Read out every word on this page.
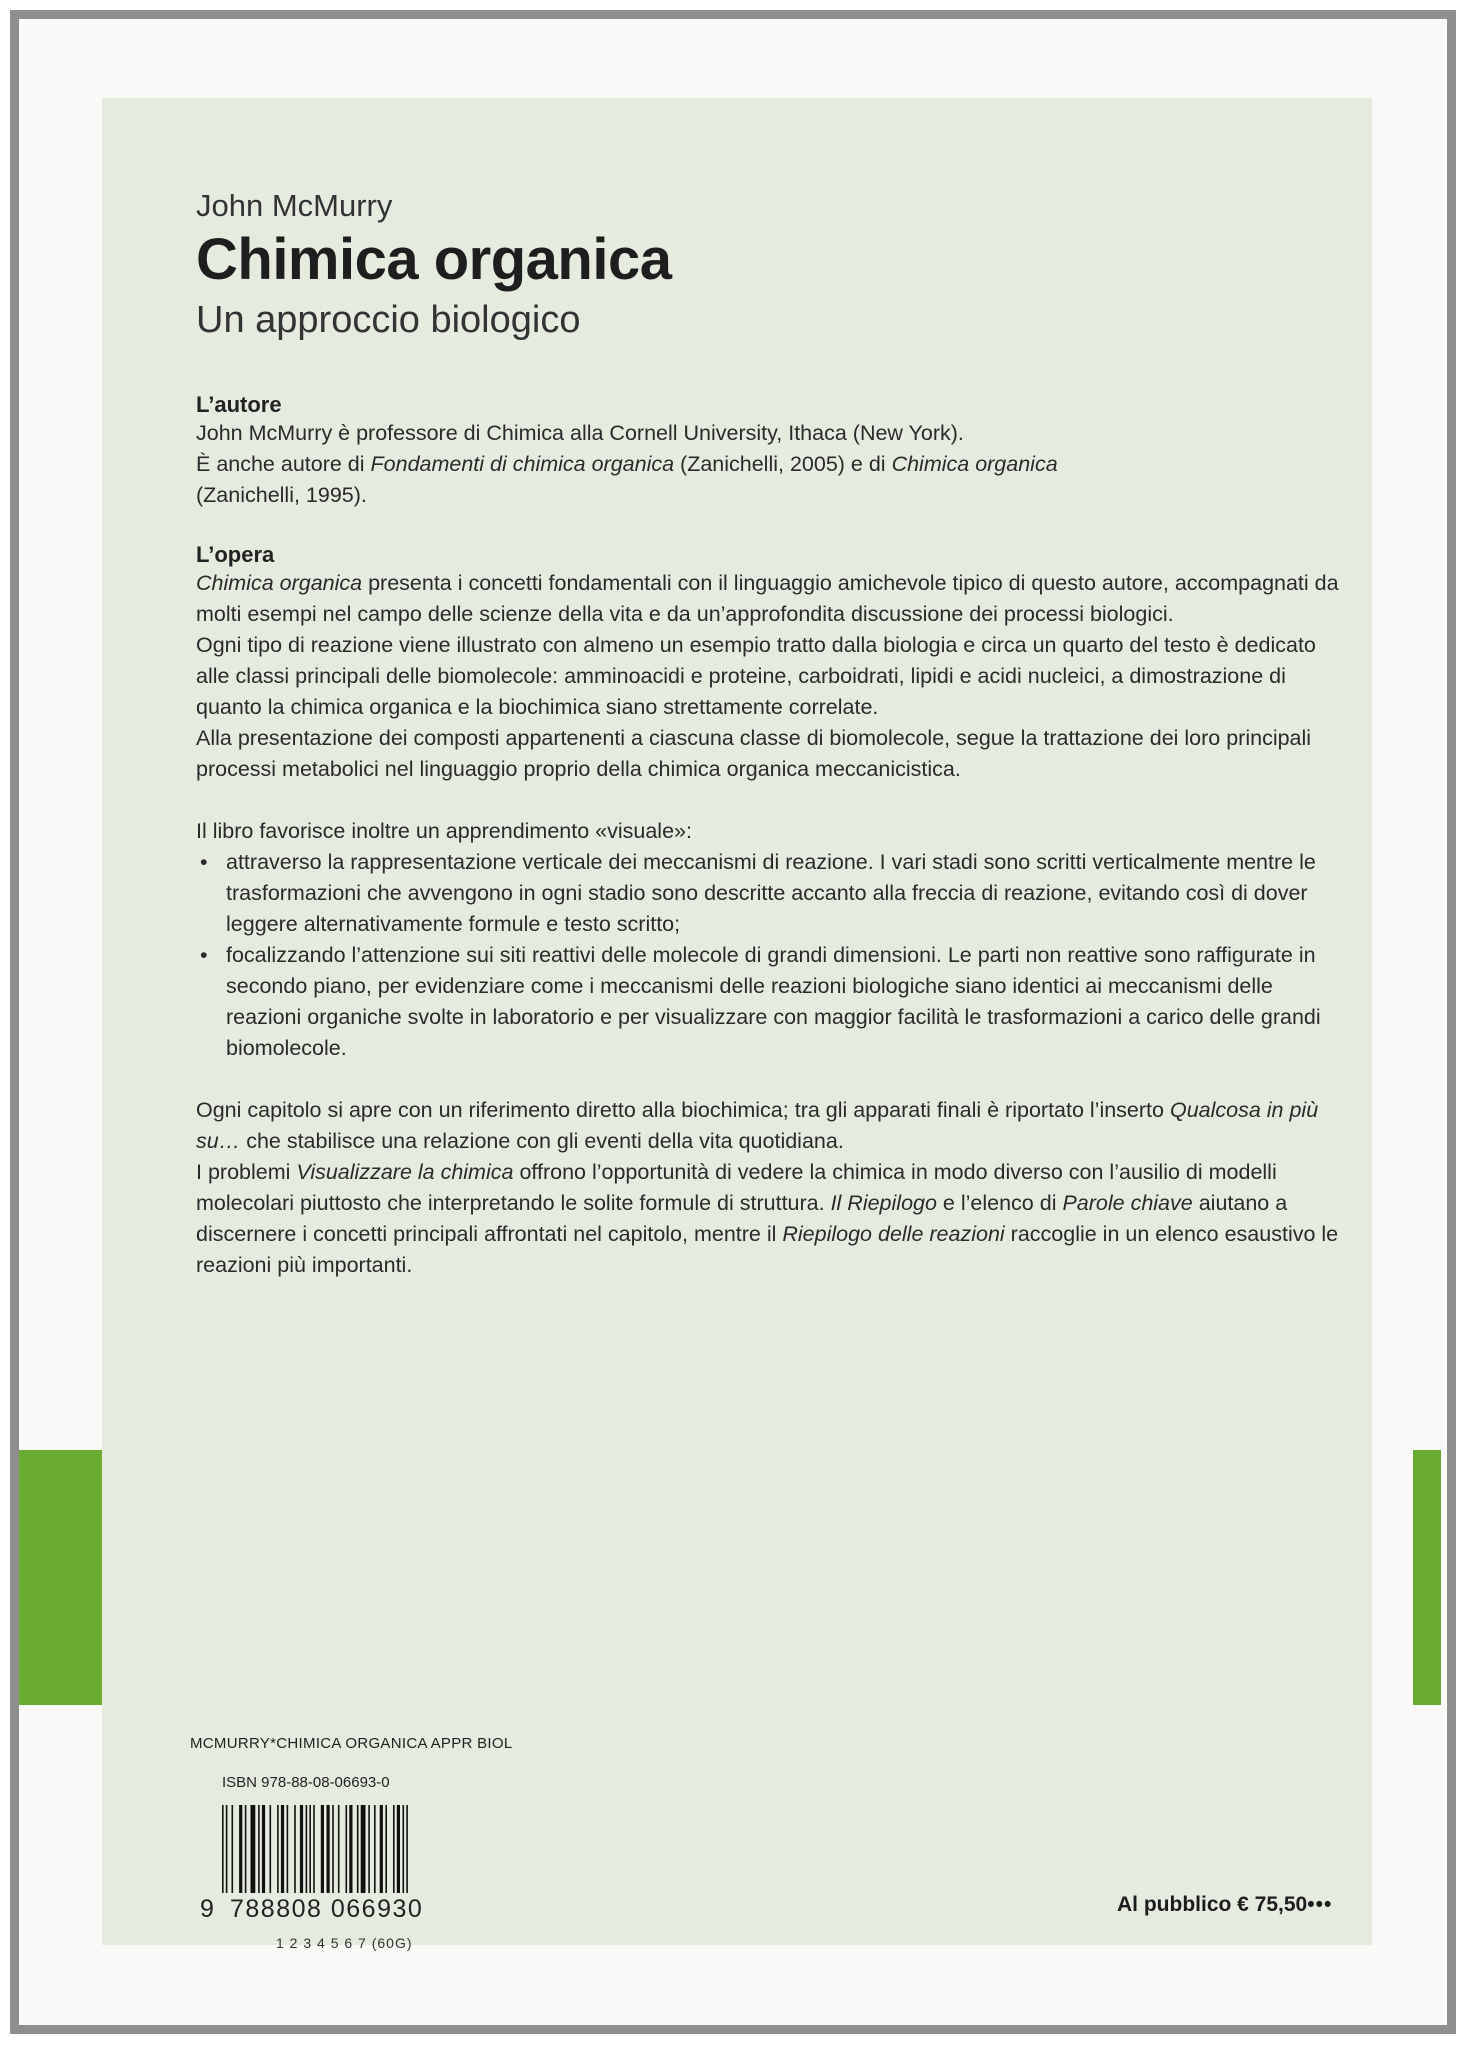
John McMurry

Chimica organica

Un approccio biologico

L’autore

John McMurry è professore di Chimica alla Cornell University, Ithaca (New York).

È anche autore di Fondamenti di chimica organica (Zanichelli, 2005) e di Chimica organica

(Zanichelli, 1995).

L’opera

Chimica organica presenta i concetti fondamentali con il linguaggio amichevole tipico di questo autore, accompagnati da molti esempi nel campo delle scienze della vita e da un’approfondita discussione dei processi biologici.

Ogni tipo di reazione viene illustrato con almeno un esempio tratto dalla biologia e circa un quarto del testo è dedicato alle classi principali delle biomolecole: amminoacidi e proteine, carboidrati, lipidi e acidi nucleici, a dimostrazione di quanto la chimica organica e la biochimica siano strettamente correlate.

Alla presentazione dei composti appartenenti a ciascuna classe di biomolecole, segue la trattazione dei loro principali processi metabolici nel linguaggio proprio della chimica organica meccanicistica.

Il libro favorisce inoltre un apprendimento «visuale»:

• attraverso la rappresentazione verticale dei meccanismi di reazione. I vari stadi sono scritti verticalmente mentre le trasformazioni che avvengono in ogni stadio sono descritte accanto alla freccia di reazione, evitando così di dover leggere alternativamente formule e testo scritto;
• focalizzando l’attenzione sui siti reattivi delle molecole di grandi dimensioni. Le parti non reattive sono raffigurate in secondo piano, per evidenziare come i meccanismi delle reazioni biologiche siano identici ai meccanismi delle reazioni organiche svolte in laboratorio e per visualizzare con maggior facilità le trasformazioni a carico delle grandi biomolecole.

Ogni capitolo si apre con un riferimento diretto alla biochimica; tra gli apparati finali è riportato l’inserto Qualcosa in più su… che stabilisce una relazione con gli eventi della vita quotidiana.

I problemi Visualizzare la chimica offrono l’opportunità di vedere la chimica in modo diverso con l’ausilio di modelli molecolari piuttosto che interpretando le solite formule di struttura. Il Riepilogo e l’elenco di Parole chiave aiutano a discernere i concetti principali affrontati nel capitolo, mentre il Riepilogo delle reazioni raccoglie in un elenco esaustivo le reazioni più importanti.

MCMURRY*CHIMICA ORGANICA APPR BIOL
ISBN 978-88-08-06693-0
9 788808 066930
1 2 3 4 5 6 7 (60G)
Al pubblico € 75,50•••
